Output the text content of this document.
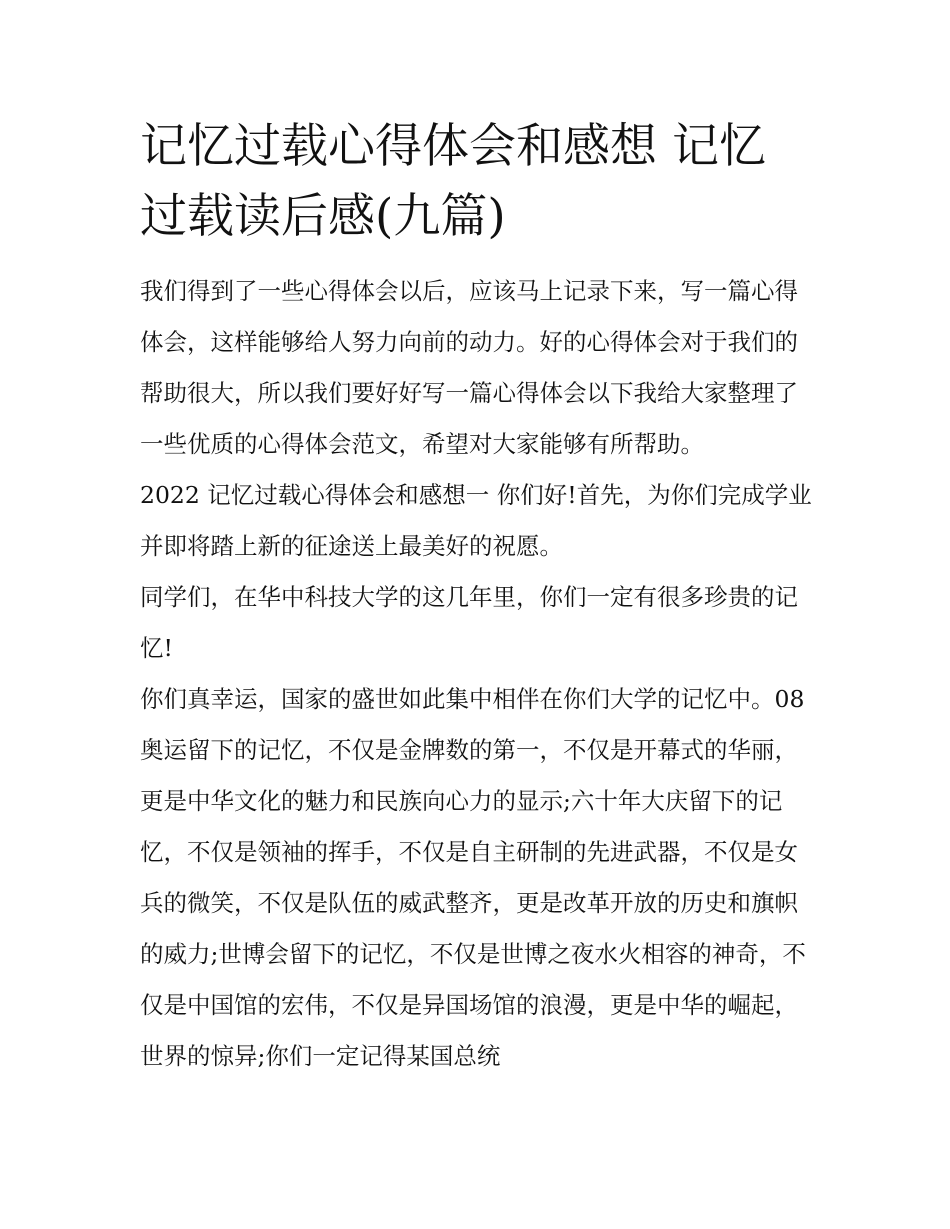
记忆过载心得体会和感想 记忆过载读后感(九篇)

我们得到了一些心得体会以后，应该马上记录下来，写一篇心得体会，这样能够给人努力向前的动力。好的心得体会对于我们的帮助很大，所以我们要好好写一篇心得体会以下我给大家整理了一些优质的心得体会范文，希望对大家能够有所帮助。

2022 记忆过载心得体会和感想一 你们好!首先，为你们完成学业并即将踏上新的征途送上最美好的祝愿。

同学们，在华中科技大学的这几年里，你们一定有很多珍贵的记忆!

你们真幸运，国家的盛世如此集中相伴在你们大学的记忆中。08 奥运留下的记忆，不仅是金牌数的第一，不仅是开幕式的华丽，更是中华文化的魅力和民族向心力的显示;六十年大庆留下的记忆，不仅是领袖的挥手，不仅是自主研制的先进武器，不仅是女兵的微笑，不仅是队伍的威武整齐，更是改革开放的历史和旗帜的威力;世博会留下的记忆，不仅是世博之夜水火相容的神奇，不仅是中国馆的宏伟，不仅是异国场馆的浪漫，更是中华的崛起，世界的惊异;你们一定记得某国总统
